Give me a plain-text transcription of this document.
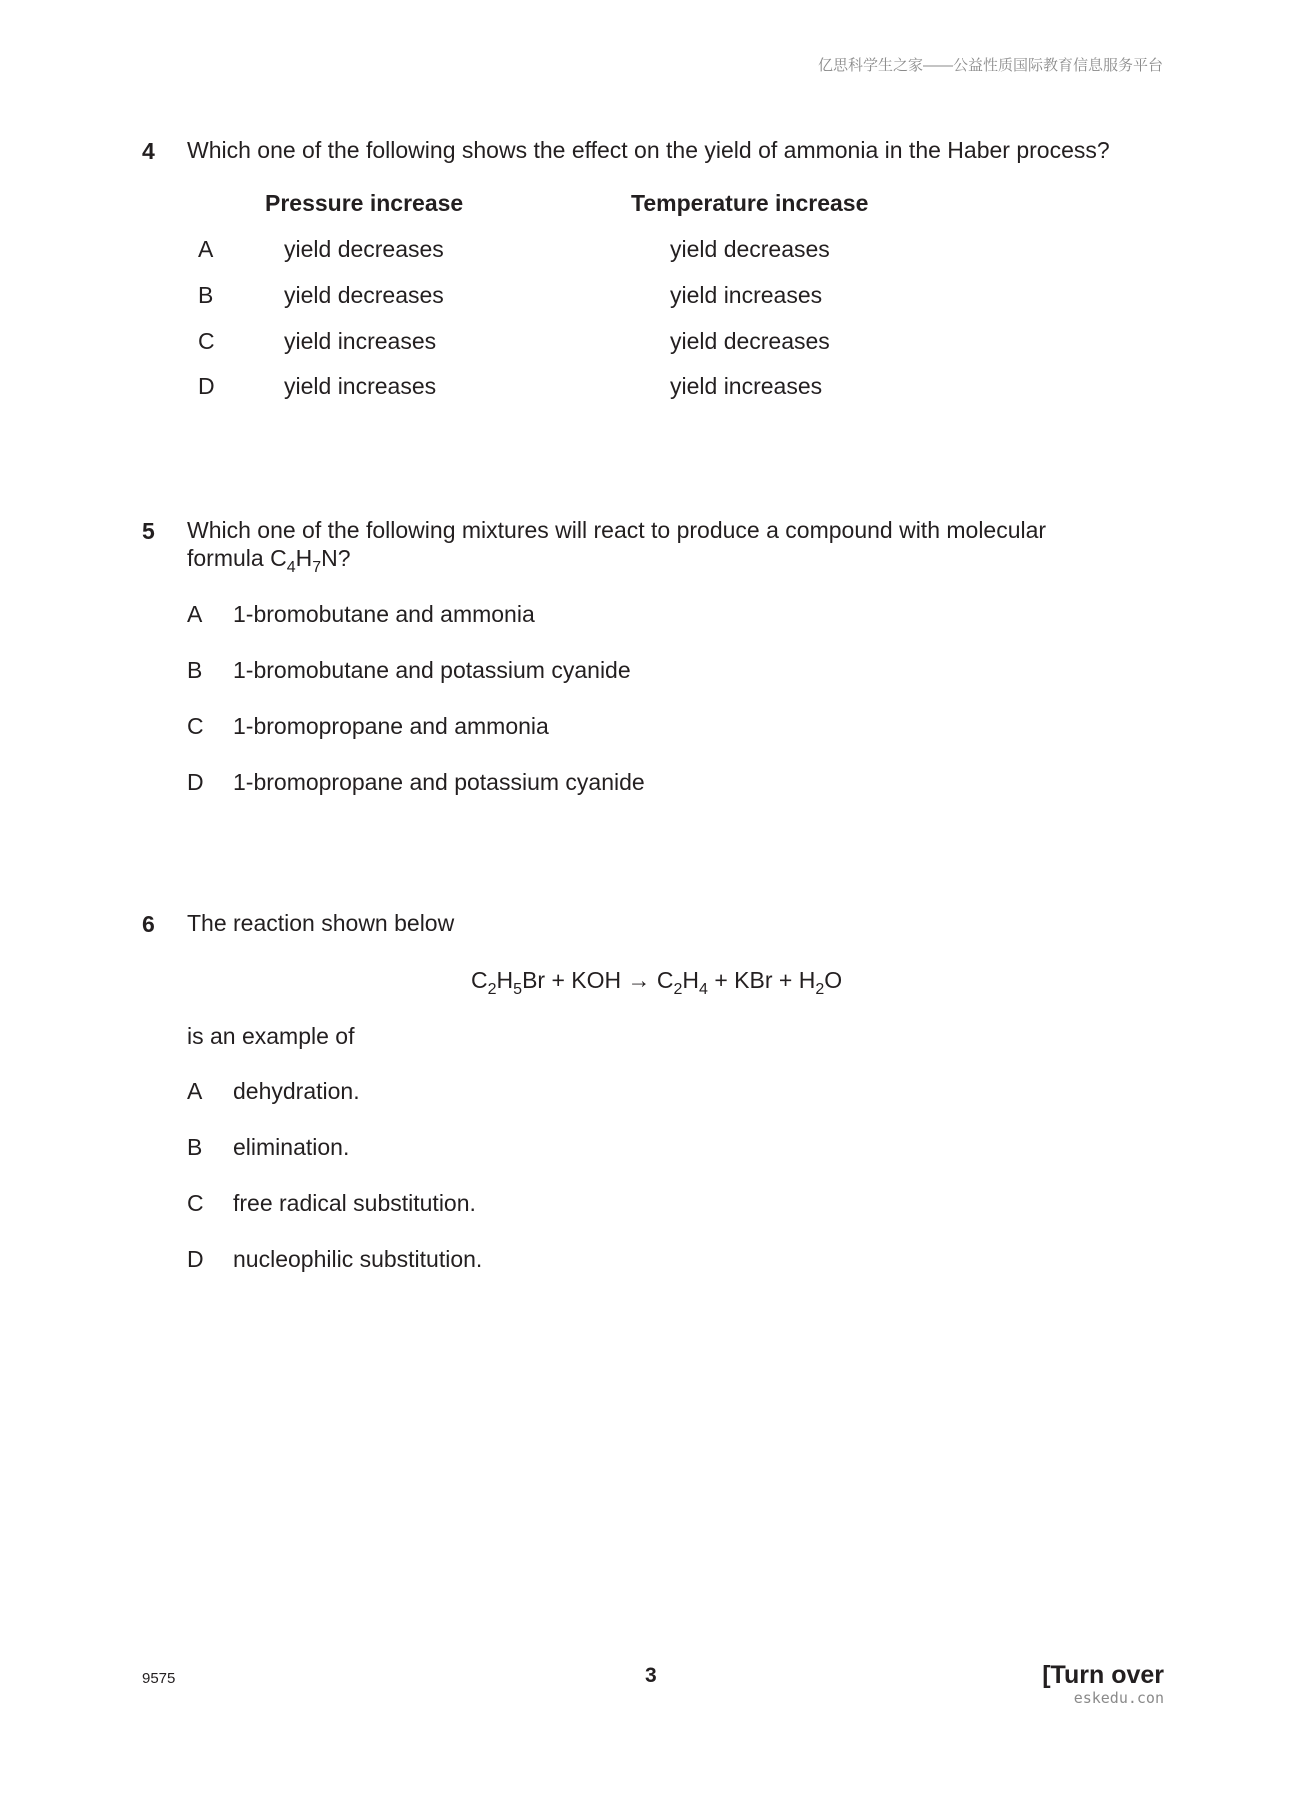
亿思科学生之家——公益性质国际教育信息服务平台
4 Which one of the following shows the effect on the yield of ammonia in the Haber process?
Pressure increase	Temperature increase
A	yield decreases	yield decreases
B	yield decreases	yield increases
C	yield increases	yield decreases
D	yield increases	yield increases
5 Which one of the following mixtures will react to produce a compound with molecular
formula $C_4H_7N$?
A 1-bromobutane and ammonia
B 1-bromobutane and potassium cyanide
C 1-bromopropane and ammonia
D 1-bromopropane and potassium cyanide
6 The reaction shown below
$C_2H_5Br$ + KOH → $C_2H_4$ + KBr + $H_2O$
is an example of
A dehydration.
B elimination.
C free radical substitution.
D nucleophilic substitution.
9575	3	[Turn over
eskedu.con
